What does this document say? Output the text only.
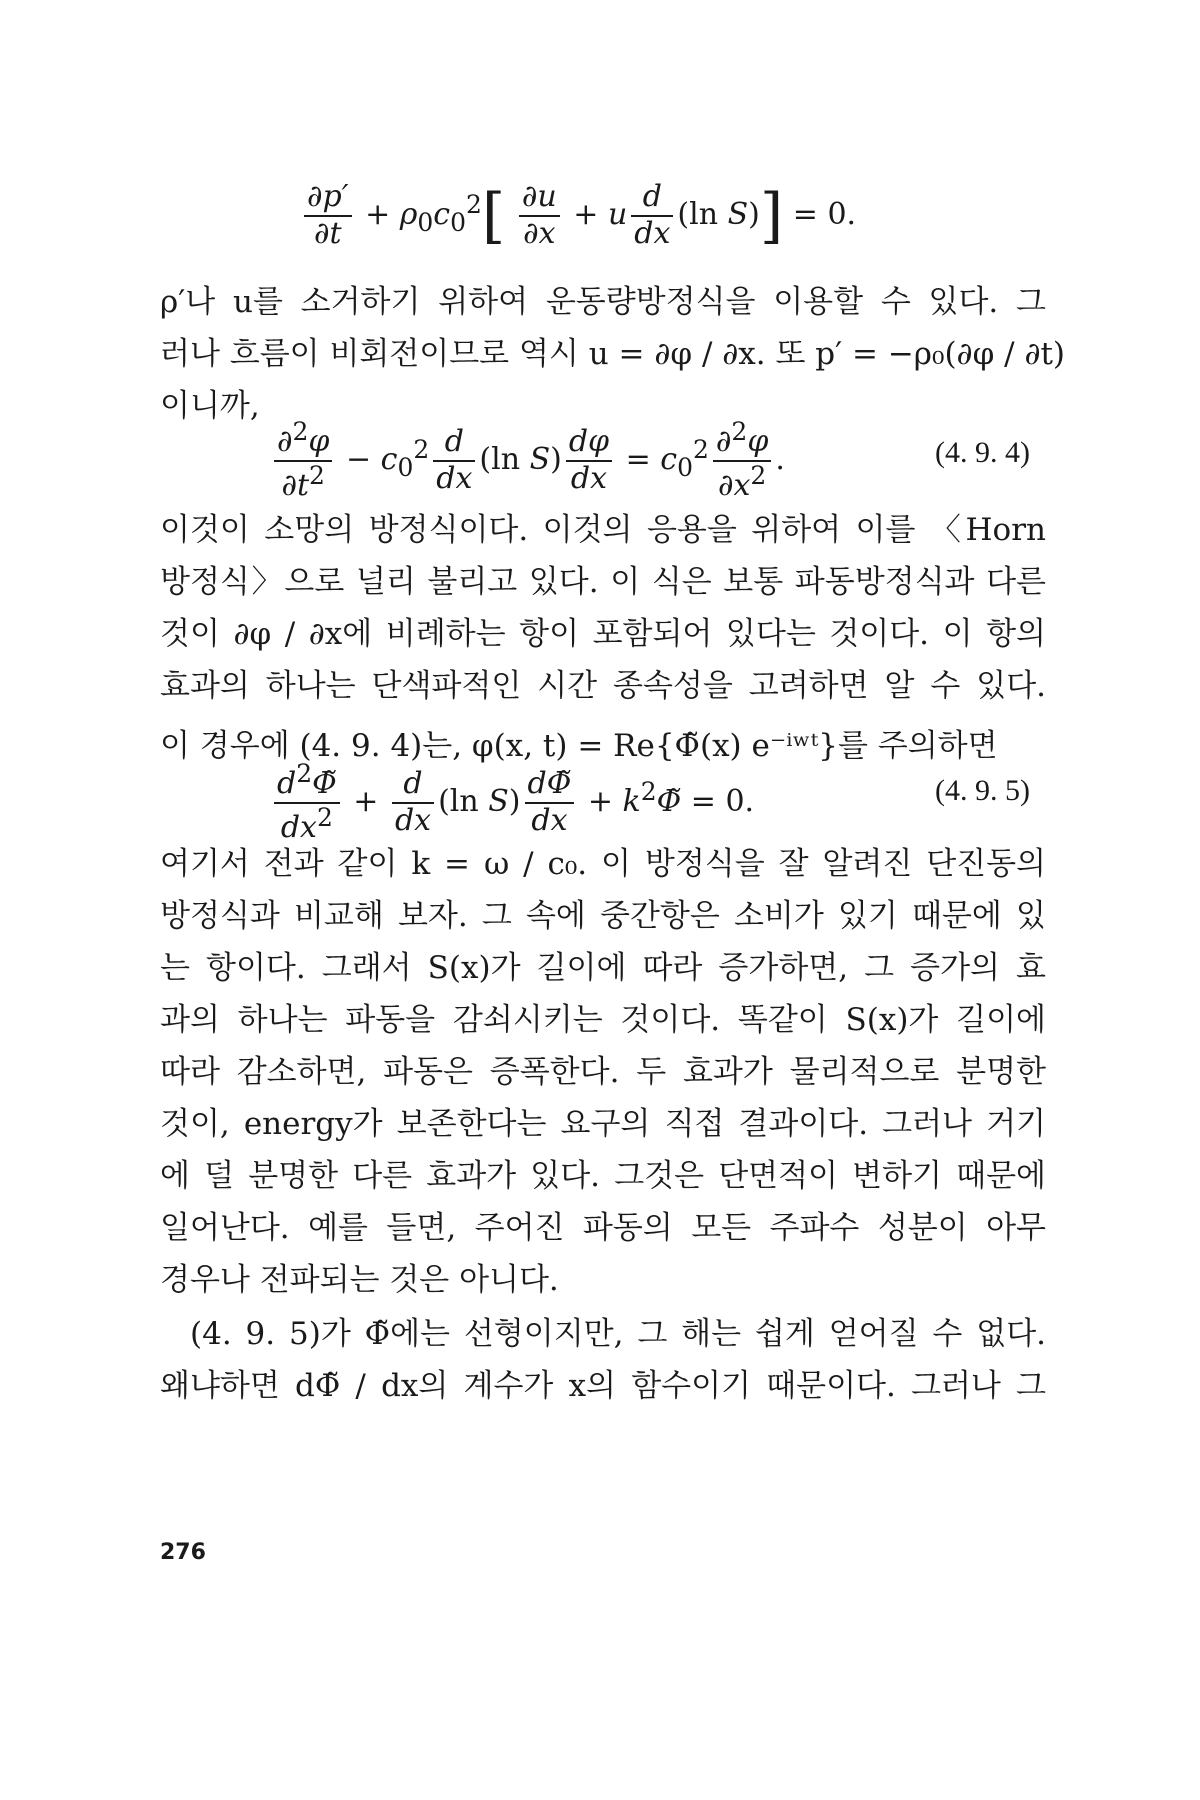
$\frac{\partial p'}{\partial t} + \rho_0c_0^2[ \frac{\partial u}{\partial x} + u \frac{d}{dx} (\ln$ S)] = 0.
ρ′나 u를 소거하기 위하여 운동량방정식을 이용할 수 있다. 그
러나 흐름이 비회전이므로 역시 u = ∂φ / ∂x. 또 p′ = −ρ₀(∂φ / ∂t)
이니까,
$\frac{\partial^2\varphi}{\partial t^2} - c_0^2 \frac{d}{dx} (\ln$ $S) \frac{d\varphi}{dx} = c_0^2 \frac{\partial^2\varphi}{\partial x^2}$ .	(4. 9. 4)
이것이 소망의 방정식이다. 이것의 응용을 위하여 이를 〈Horn
방정식〉으로 널리 불리고 있다. 이 식은 보통 파동방정식과 다른
것이 ∂φ / ∂x에 비례하는 항이 포함되어 있다는 것이다. 이 항의
효과의 하나는 단색파적인 시간 종속성을 고려하면 알 수 있다.
이 경우에 (4. 9. 4)는, φ(x, t) = Re{Φ̃(x) e⁻ⁱʷᵗ}를 주의하면
$\frac{d^2\Phĩ}{dx^2} + \frac{d}{dx} (\ln$ $S) \frac{d\Phĩ}{dx}$ + $k^2\Phĩ = 0$.	(4. 9. 5)
여기서 전과 같이 k = ω / c₀. 이 방정식을 잘 알려진 단진동의
방정식과 비교해 보자. 그 속에 중간항은 소비가 있기 때문에 있
는 항이다. 그래서 S(x)가 길이에 따라 증가하면, 그 증가의 효
과의 하나는 파동을 감쇠시키는 것이다. 똑같이 S(x)가 길이에
따라 감소하면, 파동은 증폭한다. 두 효과가 물리적으로 분명한
것이, energy가 보존한다는 요구의 직접 결과이다. 그러나 거기
에 덜 분명한 다른 효과가 있다. 그것은 단면적이 변하기 때문에
일어난다. 예를 들면, 주어진 파동의 모든 주파수 성분이 아무
경우나 전파되는 것은 아니다.
(4. 9. 5)가 Φ̃에는 선형이지만, 그 해는 쉽게 얻어질 수 없다.
왜냐하면 dΦ̃ / dx의 계수가 x의 함수이기 때문이다. 그러나 그
276
